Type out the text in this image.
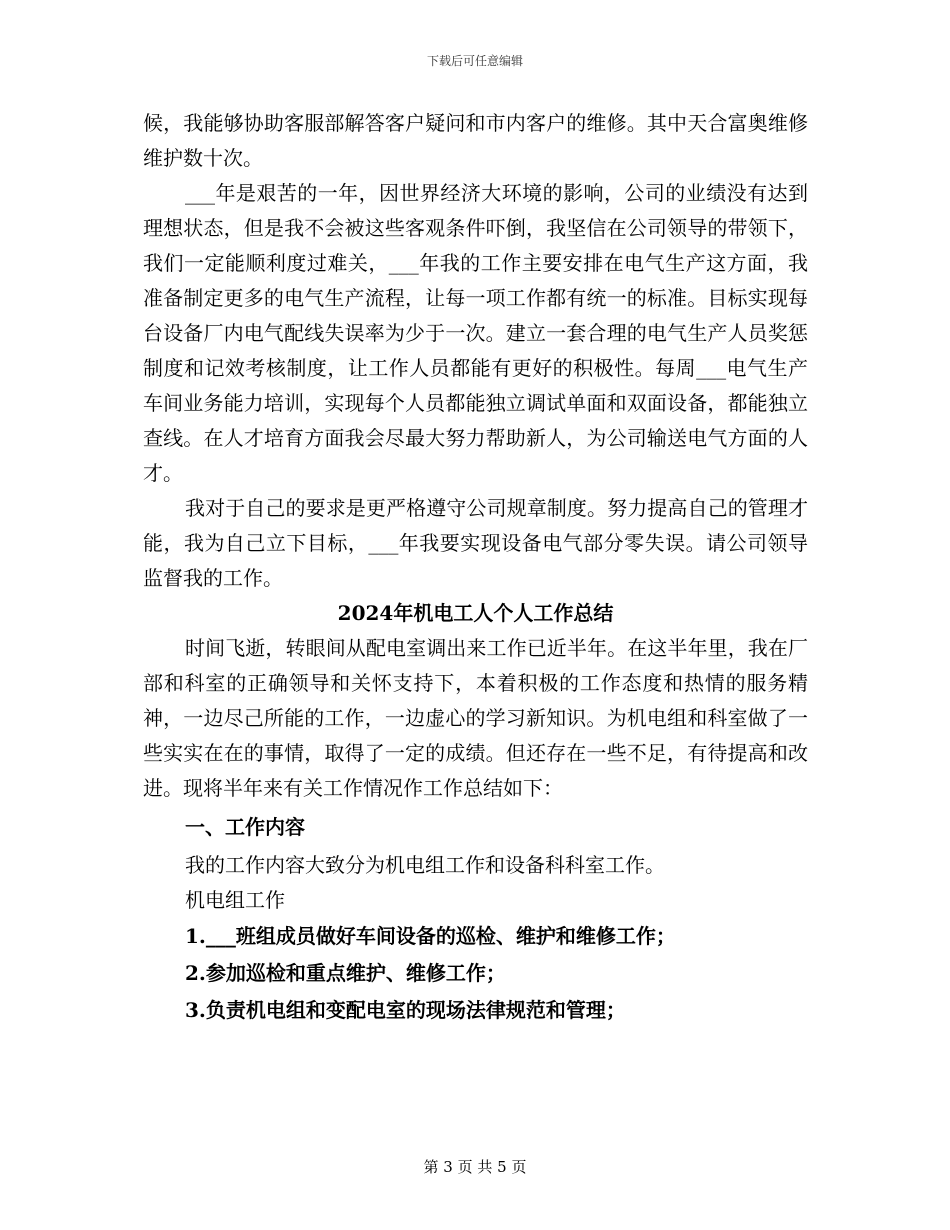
下载后可任意编辑

候，我能够协助客服部解答客户疑问和市内客户的维修。其中天合富奥维修维护数十次。

___年是艰苦的一年，因世界经济大环境的影响，公司的业绩没有达到理想状态，但是我不会被这些客观条件吓倒，我坚信在公司领导的带领下，我们一定能顺利度过难关，___年我的工作主要安排在电气生产这方面，我准备制定更多的电气生产流程，让每一项工作都有统一的标准。目标实现每台设备厂内电气配线失误率为少于一次。建立一套合理的电气生产人员奖惩制度和记效考核制度，让工作人员都能有更好的积极性。每周___电气生产车间业务能力培训，实现每个人员都能独立调试单面和双面设备，都能独立查线。在人才培育方面我会尽最大努力帮助新人，为公司输送电气方面的人才。

我对于自己的要求是更严格遵守公司规章制度。努力提高自己的管理才能，我为自己立下目标，___年我要实现设备电气部分零失误。请公司领导监督我的工作。

2024年机电工人个人工作总结

时间飞逝，转眼间从配电室调出来工作已近半年。在这半年里，我在厂部和科室的正确领导和关怀支持下，本着积极的工作态度和热情的服务精神，一边尽己所能的工作，一边虚心的学习新知识。为机电组和科室做了一些实实在在的事情，取得了一定的成绩。但还存在一些不足，有待提高和改进。现将半年来有关工作情况作工作总结如下：

一、工作内容

我的工作内容大致分为机电组工作和设备科科室工作。

机电组工作

1.___班组成员做好车间设备的巡检、维护和维修工作；

2.参加巡检和重点维护、维修工作；

3.负责机电组和变配电室的现场法律规范和管理；

第 3 页 共 5 页
